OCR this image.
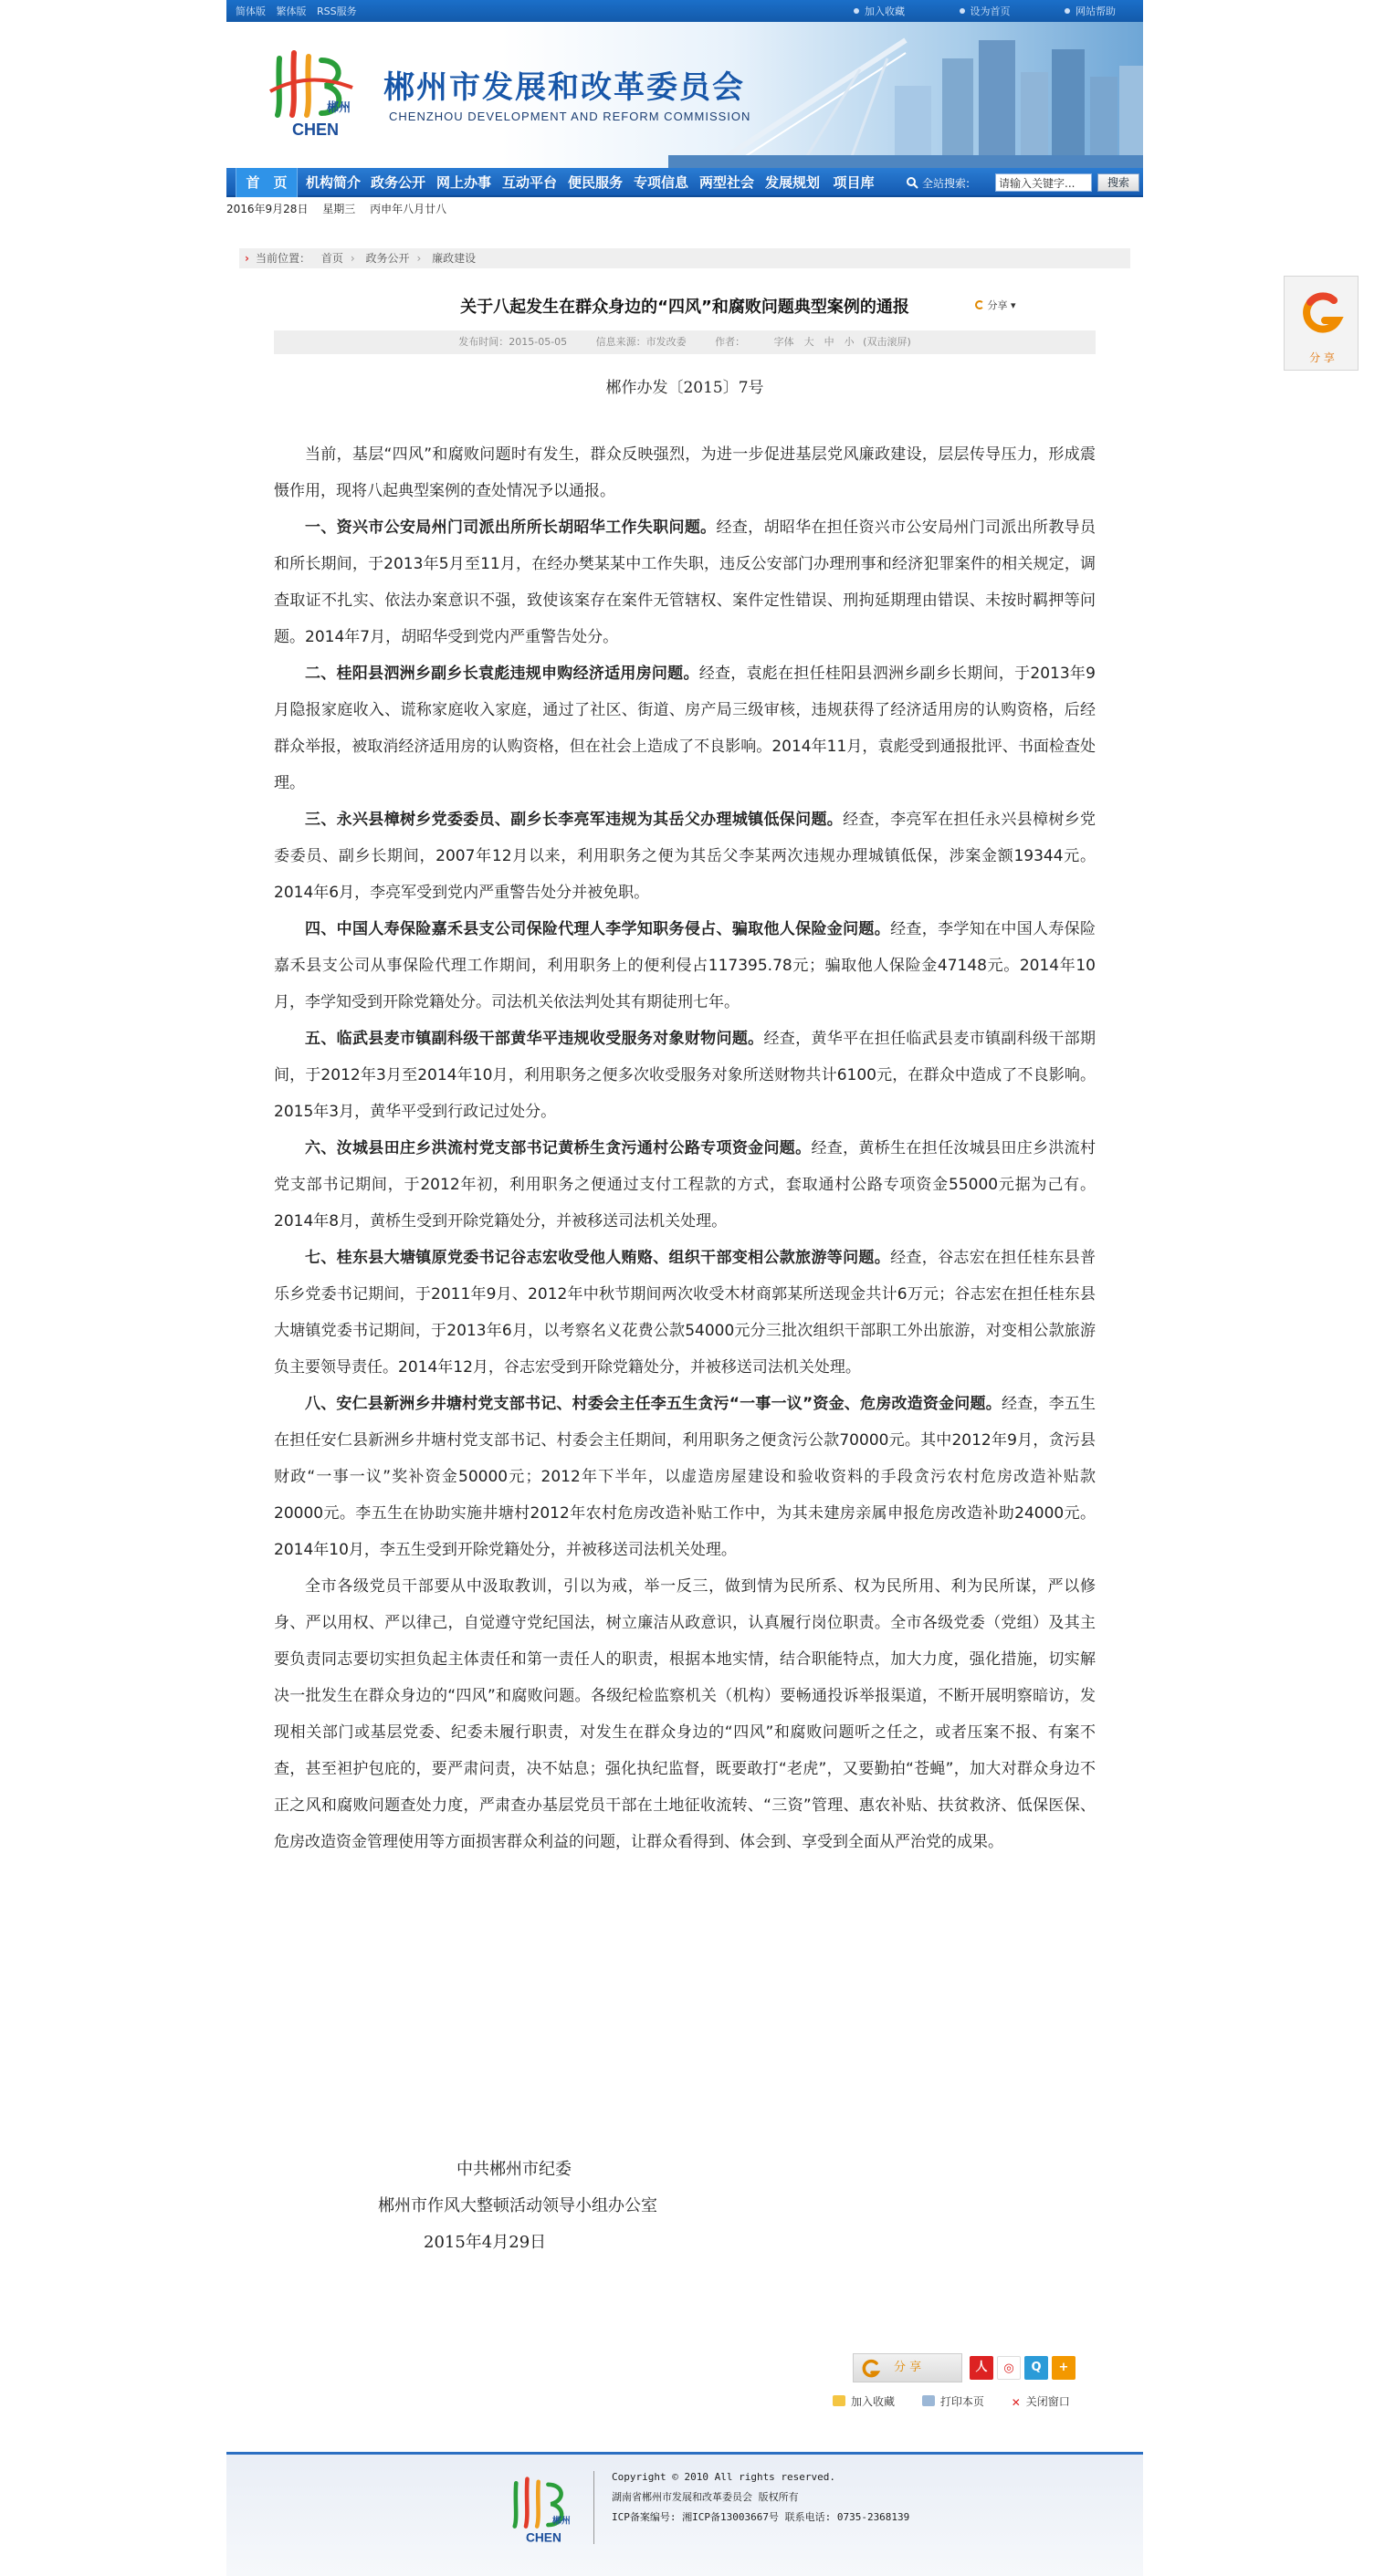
简体版 繁体版 RSS服务	加入收藏	设为首页	网站帮助
郴州
CHEN
郴州市发展和改革委员会
CHENZHOU DEVELOPMENT AND REFORM COMMISSION
首　页	机构简介 政务公开 网上办事 互动平台 便民服务 专项信息 两型社会 发展规划 项目库	全站搜索:
请输入关键字...	搜索
2016年9月28日 星期三 丙申年八月廿八
› 当前位置： 首页 › 政务公开 › 廉政建设
关于八起发生在群众身边的“四风”和腐败问题典型案例的通报	分享 ▾
发布时间：2015-05-05	信息来源：市发改委	作者：	字体　大　中　小 (双击滚屏)
郴作办发〔2015〕7号

当前，基层“四风”和腐败问题时有发生，群众反映强烈，为进一步促进基层党风廉政建设，层层传导压力，形成震慑作用，现将八起典型案例的查处情况予以通报。

一、资兴市公安局州门司派出所所长胡昭华工作失职问题。经查，胡昭华在担任资兴市公安局州门司派出所教导员和所长期间，于2013年5月至11月，在经办樊某某中工作失职，违反公安部门办理刑事和经济犯罪案件的相关规定，调查取证不扎实、依法办案意识不强，致使该案存在案件无管辖权、案件定性错误、刑拘延期理由错误、未按时羁押等问题。2014年7月，胡昭华受到党内严重警告处分。

二、桂阳县泗洲乡副乡长袁彪违规申购经济适用房问题。经查，袁彪在担任桂阳县泗洲乡副乡长期间，于2013年9月隐报家庭收入、谎称家庭收入家庭，通过了社区、街道、房产局三级审核，违规获得了经济适用房的认购资格，后经群众举报，被取消经济适用房的认购资格，但在社会上造成了不良影响。2014年11月，袁彪受到通报批评、书面检查处理。

三、永兴县樟树乡党委委员、副乡长李亮军违规为其岳父办理城镇低保问题。经查，李亮军在担任永兴县樟树乡党委委员、副乡长期间，2007年12月以来，利用职务之便为其岳父李某两次违规办理城镇低保，涉案金额19344元。2014年6月，李亮军受到党内严重警告处分并被免职。

四、中国人寿保险嘉禾县支公司保险代理人李学知职务侵占、骗取他人保险金问题。经查，李学知在中国人寿保险嘉禾县支公司从事保险代理工作期间，利用职务上的便利侵占117395.78元；骗取他人保险金47148元。2014年10月，李学知受到开除党籍处分。司法机关依法判处其有期徒刑七年。

五、临武县麦市镇副科级干部黄华平违规收受服务对象财物问题。经查，黄华平在担任临武县麦市镇副科级干部期间，于2012年3月至2014年10月，利用职务之便多次收受服务对象所送财物共计6100元，在群众中造成了不良影响。2015年3月，黄华平受到行政记过处分。

六、汝城县田庄乡洪流村党支部书记黄桥生贪污通村公路专项资金问题。经查，黄桥生在担任汝城县田庄乡洪流村党支部书记期间，于2012年初，利用职务之便通过支付工程款的方式，套取通村公路专项资金55000元据为己有。2014年8月，黄桥生受到开除党籍处分，并被移送司法机关处理。

七、桂东县大塘镇原党委书记谷志宏收受他人贿赂、组织干部变相公款旅游等问题。经查，谷志宏在担任桂东县普乐乡党委书记期间，于2011年9月、2012年中秋节期间两次收受木材商郭某所送现金共计6万元；谷志宏在担任桂东县大塘镇党委书记期间，于2013年6月，以考察名义花费公款54000元分三批次组织干部职工外出旅游，对变相公款旅游负主要领导责任。2014年12月，谷志宏受到开除党籍处分，并被移送司法机关处理。

八、安仁县新洲乡井塘村党支部书记、村委会主任李五生贪污“一事一议”资金、危房改造资金问题。经查，李五生在担任安仁县新洲乡井塘村党支部书记、村委会主任期间，利用职务之便贪污公款70000元。其中2012年9月，贪污县财政“一事一议”奖补资金50000元；2012年下半年，以虚造房屋建设和验收资料的手段贪污农村危房改造补贴款20000元。李五生在协助实施井塘村2012年农村危房改造补贴工作中，为其未建房亲属申报危房改造补助24000元。2014年10月，李五生受到开除党籍处分，并被移送司法机关处理。

全市各级党员干部要从中汲取教训，引以为戒，举一反三，做到情为民所系、权为民所用、利为民所谋，严以修身、严以用权、严以律己，自觉遵守党纪国法，树立廉洁从政意识，认真履行岗位职责。全市各级党委（党组）及其主要负责同志要切实担负起主体责任和第一责任人的职责，根据本地实情，结合职能特点，加大力度，强化措施，切实解决一批发生在群众身边的“四风”和腐败问题。各级纪检监察机关（机构）要畅通投诉举报渠道，不断开展明察暗访，发现相关部门或基层党委、纪委未履行职责，对发生在群众身边的“四风”和腐败问题听之任之，或者压案不报、有案不查，甚至袒护包庇的，要严肃问责，决不姑息；强化执纪监督，既要敢打“老虎”，又要勤拍“苍蝇”，加大对群众身边不正之风和腐败问题查处力度，严肃查办基层党员干部在土地征收流转、“三资”管理、惠农补贴、扶贫救济、低保医保、危房改造资金管理使用等方面损害群众利益的问题，让群众看得到、体会到、享受到全面从严治党的成果。

中共郴州市纪委
郴州市作风大整顿活动领导小组办公室
2015年4月29日
分 享	人	◎	Q	+
加入收藏	打印本页 ✕ 关闭窗口
郴州
CHEN
Copyright © 2010 All rights reserved.
湖南省郴州市发展和改革委员会 版权所有
ICP备案编号: 湘ICP备13003667号 联系电话: 0735-2368139
分 享
